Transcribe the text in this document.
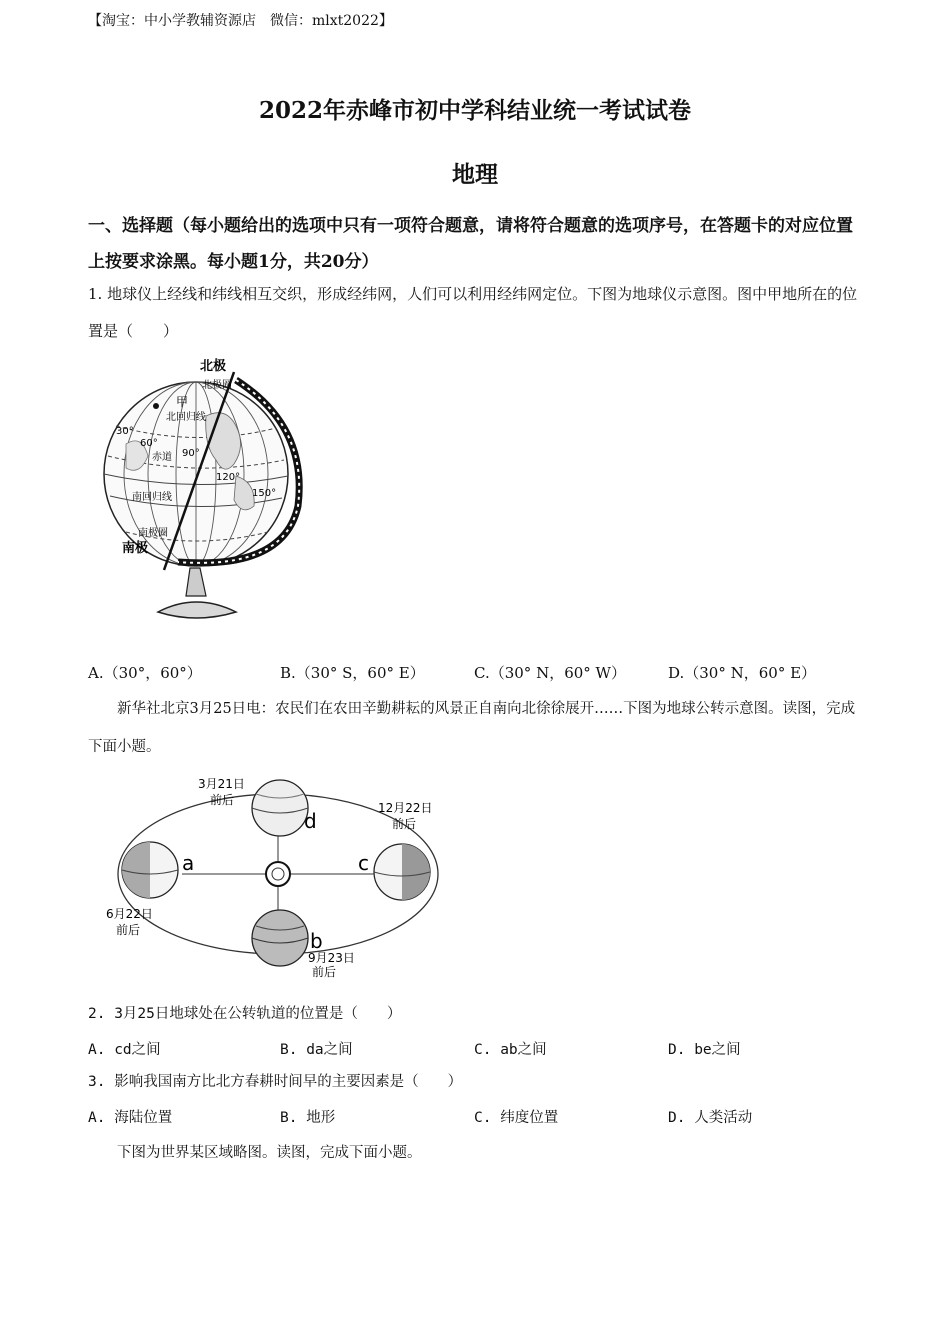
【淘宝：中小学教辅资源店　微信：mlxt2022】
2022年赤峰市初中学科结业统一考试试卷
地理
一、选择题（每小题给出的选项中只有一项符合题意，请将符合题意的选项序号，在答题卡的对应位置上按要求涂黑。每小题1分，共20分）
1. 地球仪上经线和纬线相互交织，形成经纬网，人们可以利用经纬网定位。下图为地球仪示意图。图中甲地所在的位置是（　　）
北极
北极圈
甲
北回归线
30°
60°
赤道 90°
120°
150°
南回归线
南极圈
南极
A.（30°，60°）	B.（30° S，60° E）	C.（30° N，60° W）	D.（30° N，60° E）
新华社北京3月25日电：农民们在农田辛勤耕耘的风景正自南向北徐徐展开……下图为地球公转示意图。读图，完成下面小题。
3月21日
前后
12月22日
前后
6月22日
前后
9月23日
前后
a
b
c
d
2. 3月25日地球处在公转轨道的位置是（　　）
A. cd之间	B. da之间	C. ab之间	D. be之间
3. 影响我国南方比北方春耕时间早的主要因素是（　　）
A. 海陆位置	B. 地形	C. 纬度位置	D. 人类活动
下图为世界某区域略图。读图，完成下面小题。
